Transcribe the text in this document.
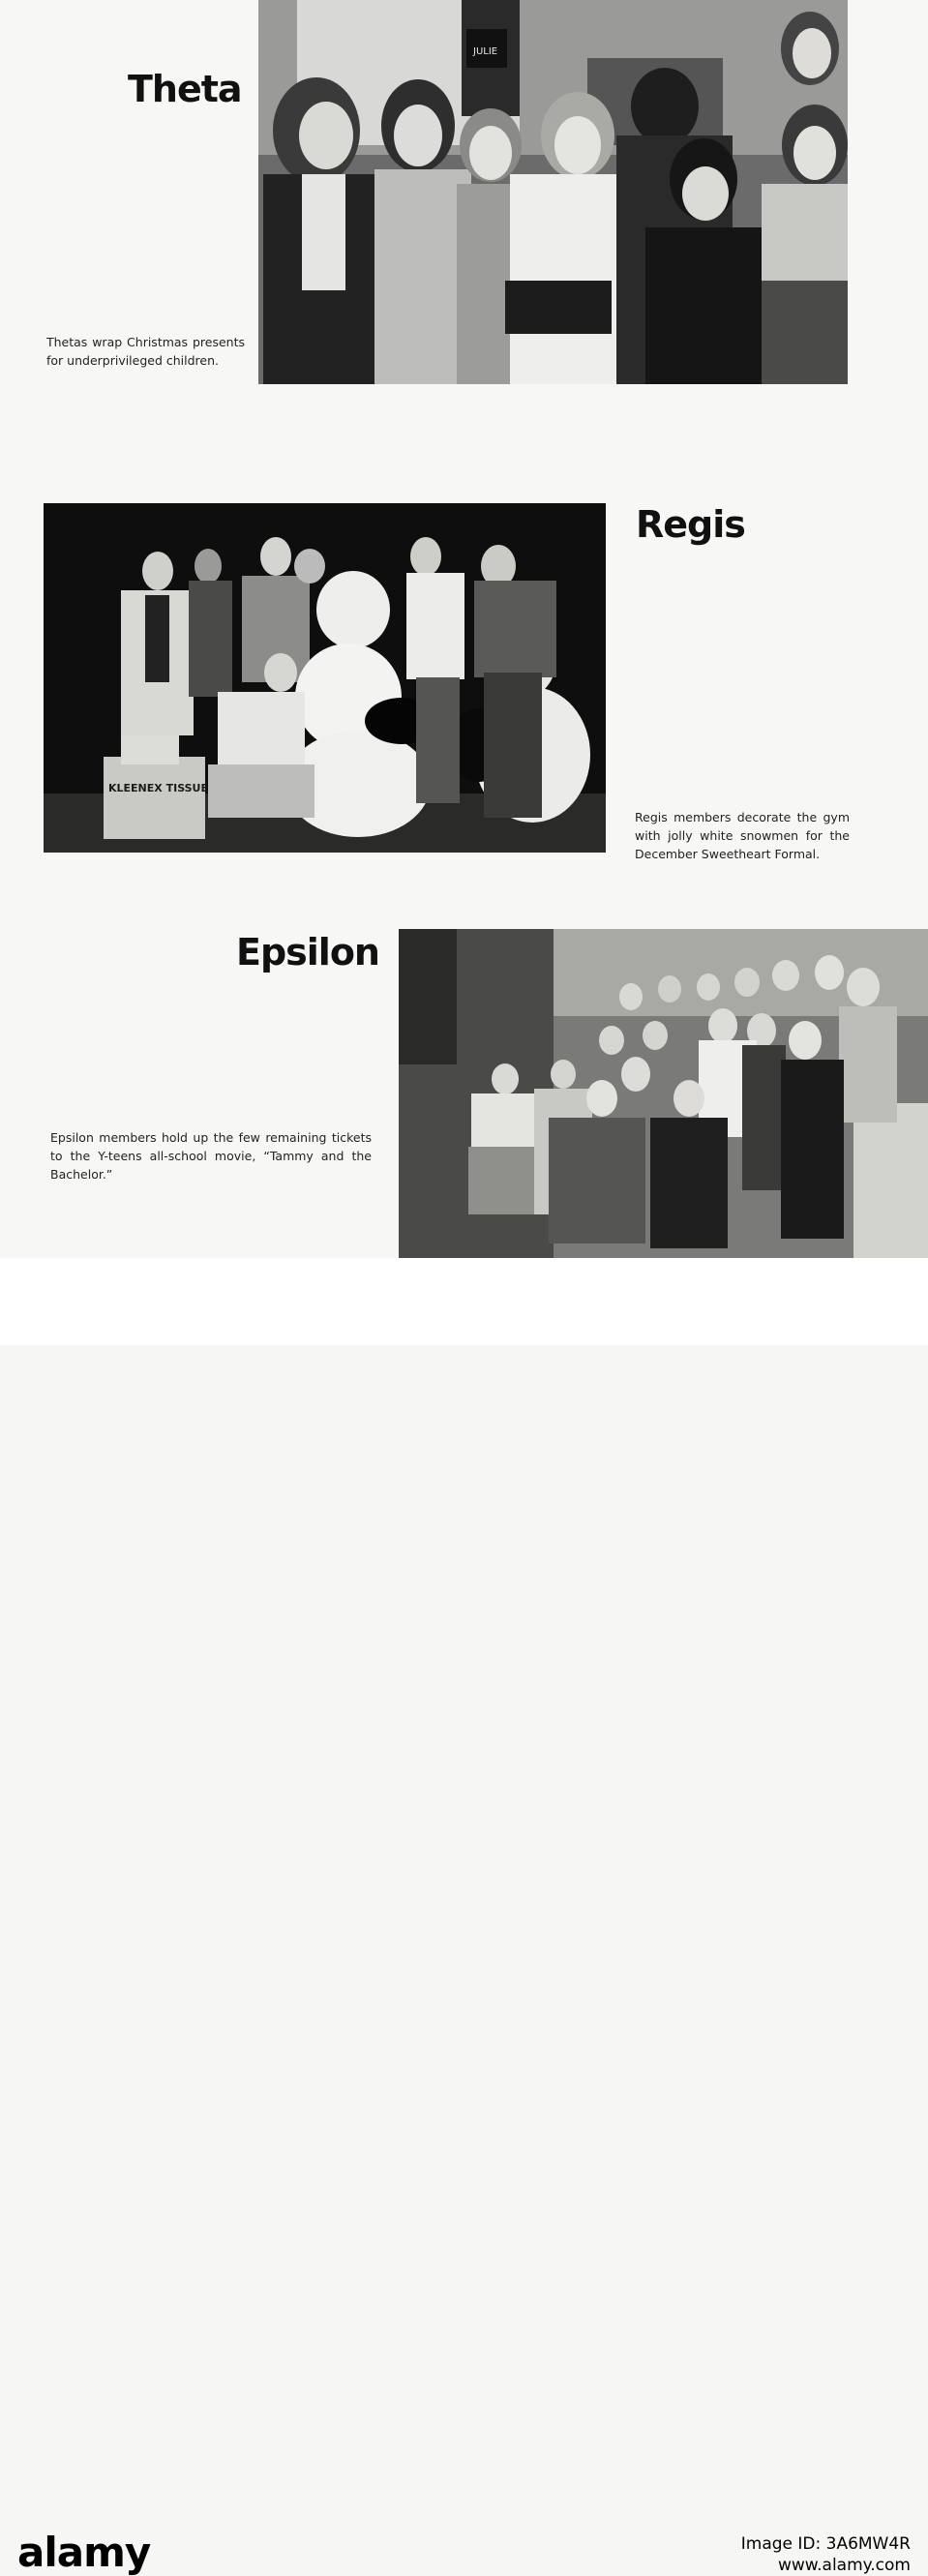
Theta
JULIE
Thetas wrap Christmas presents for underprivileged children.
KLEENEX TISSUE
Regis
Regis members decorate the gym with jolly white snowmen for the December Sweetheart Formal.
Epsilon
Epsilon members hold up the few remaining tickets to the Y-teens all-school movie, “Tammy and the Bachelor.”
alamy	Image ID: 3A6MW4R
www.alamy.com
